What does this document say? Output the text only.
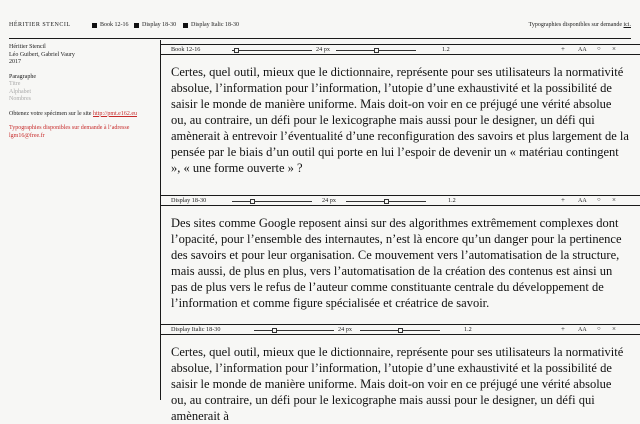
HÉRITIER STENCIL	Book 12-16 Display 18-30 Display Italic 18-30	Typographies disponibles sur demande ici.
Héritier Stencil
Léo Guibert, Gabriel Vaury
2017
Paragraphe
Titre
Alphabet
Nombres
Obtenez votre spécimen sur le site http://pmt.e162.eu
Typographies disponibles sur demande à l’adresse
lgm16@free.fr
Book 12-16	24 px	1.2	+ AA ○ ×
Certes, quel outil, mieux que le dictionnaire, représente pour ses utilisateurs la normativité absolue, l’information pour l’information, l’utopie d’une exhaustivité et la possibilité de saisir le monde de manière uniforme. Mais doit-on voir en ce préjugé une vérité absolue ou, au contraire, un défi pour le lexicographe mais aussi pour le designer, un défi qui amènerait à entrevoir l’éventualité d’une reconfiguration des savoirs et plus largement de la pensée par le biais d’un outil qui porte en lui l’espoir de devenir un « matériau contingent », « une forme ouverte » ?
Display 18-30	24 px	1.2	+ AA ○ ×
Des sites comme Google reposent ainsi sur des algorithmes extrêmement complexes dont l’opacité, pour l’ensemble des internautes, n’est là encore qu’un danger pour la pertinence des savoirs et pour leur organisation. Ce mouvement vers l’automatisation de la structure, mais aussi, de plus en plus, vers l’automatisation de la création des contenus est ainsi un pas de plus vers le refus de l’auteur comme constituante centrale du développement de l’information et comme figure spécialisée et créatrice de savoir.
Display Italic 18-30	24 px	1.2	+ AA ○ ×
Certes, quel outil, mieux que le dictionnaire, représente pour ses utilisateurs la normativité absolue, l’information pour l’information, l’utopie d’une exhaustivité et la possibilité de saisir le monde de manière uniforme. Mais doit-on voir en ce préjugé une vérité absolue ou, au contraire, un défi pour le lexicographe mais aussi pour le designer, un défi qui amènerait à
